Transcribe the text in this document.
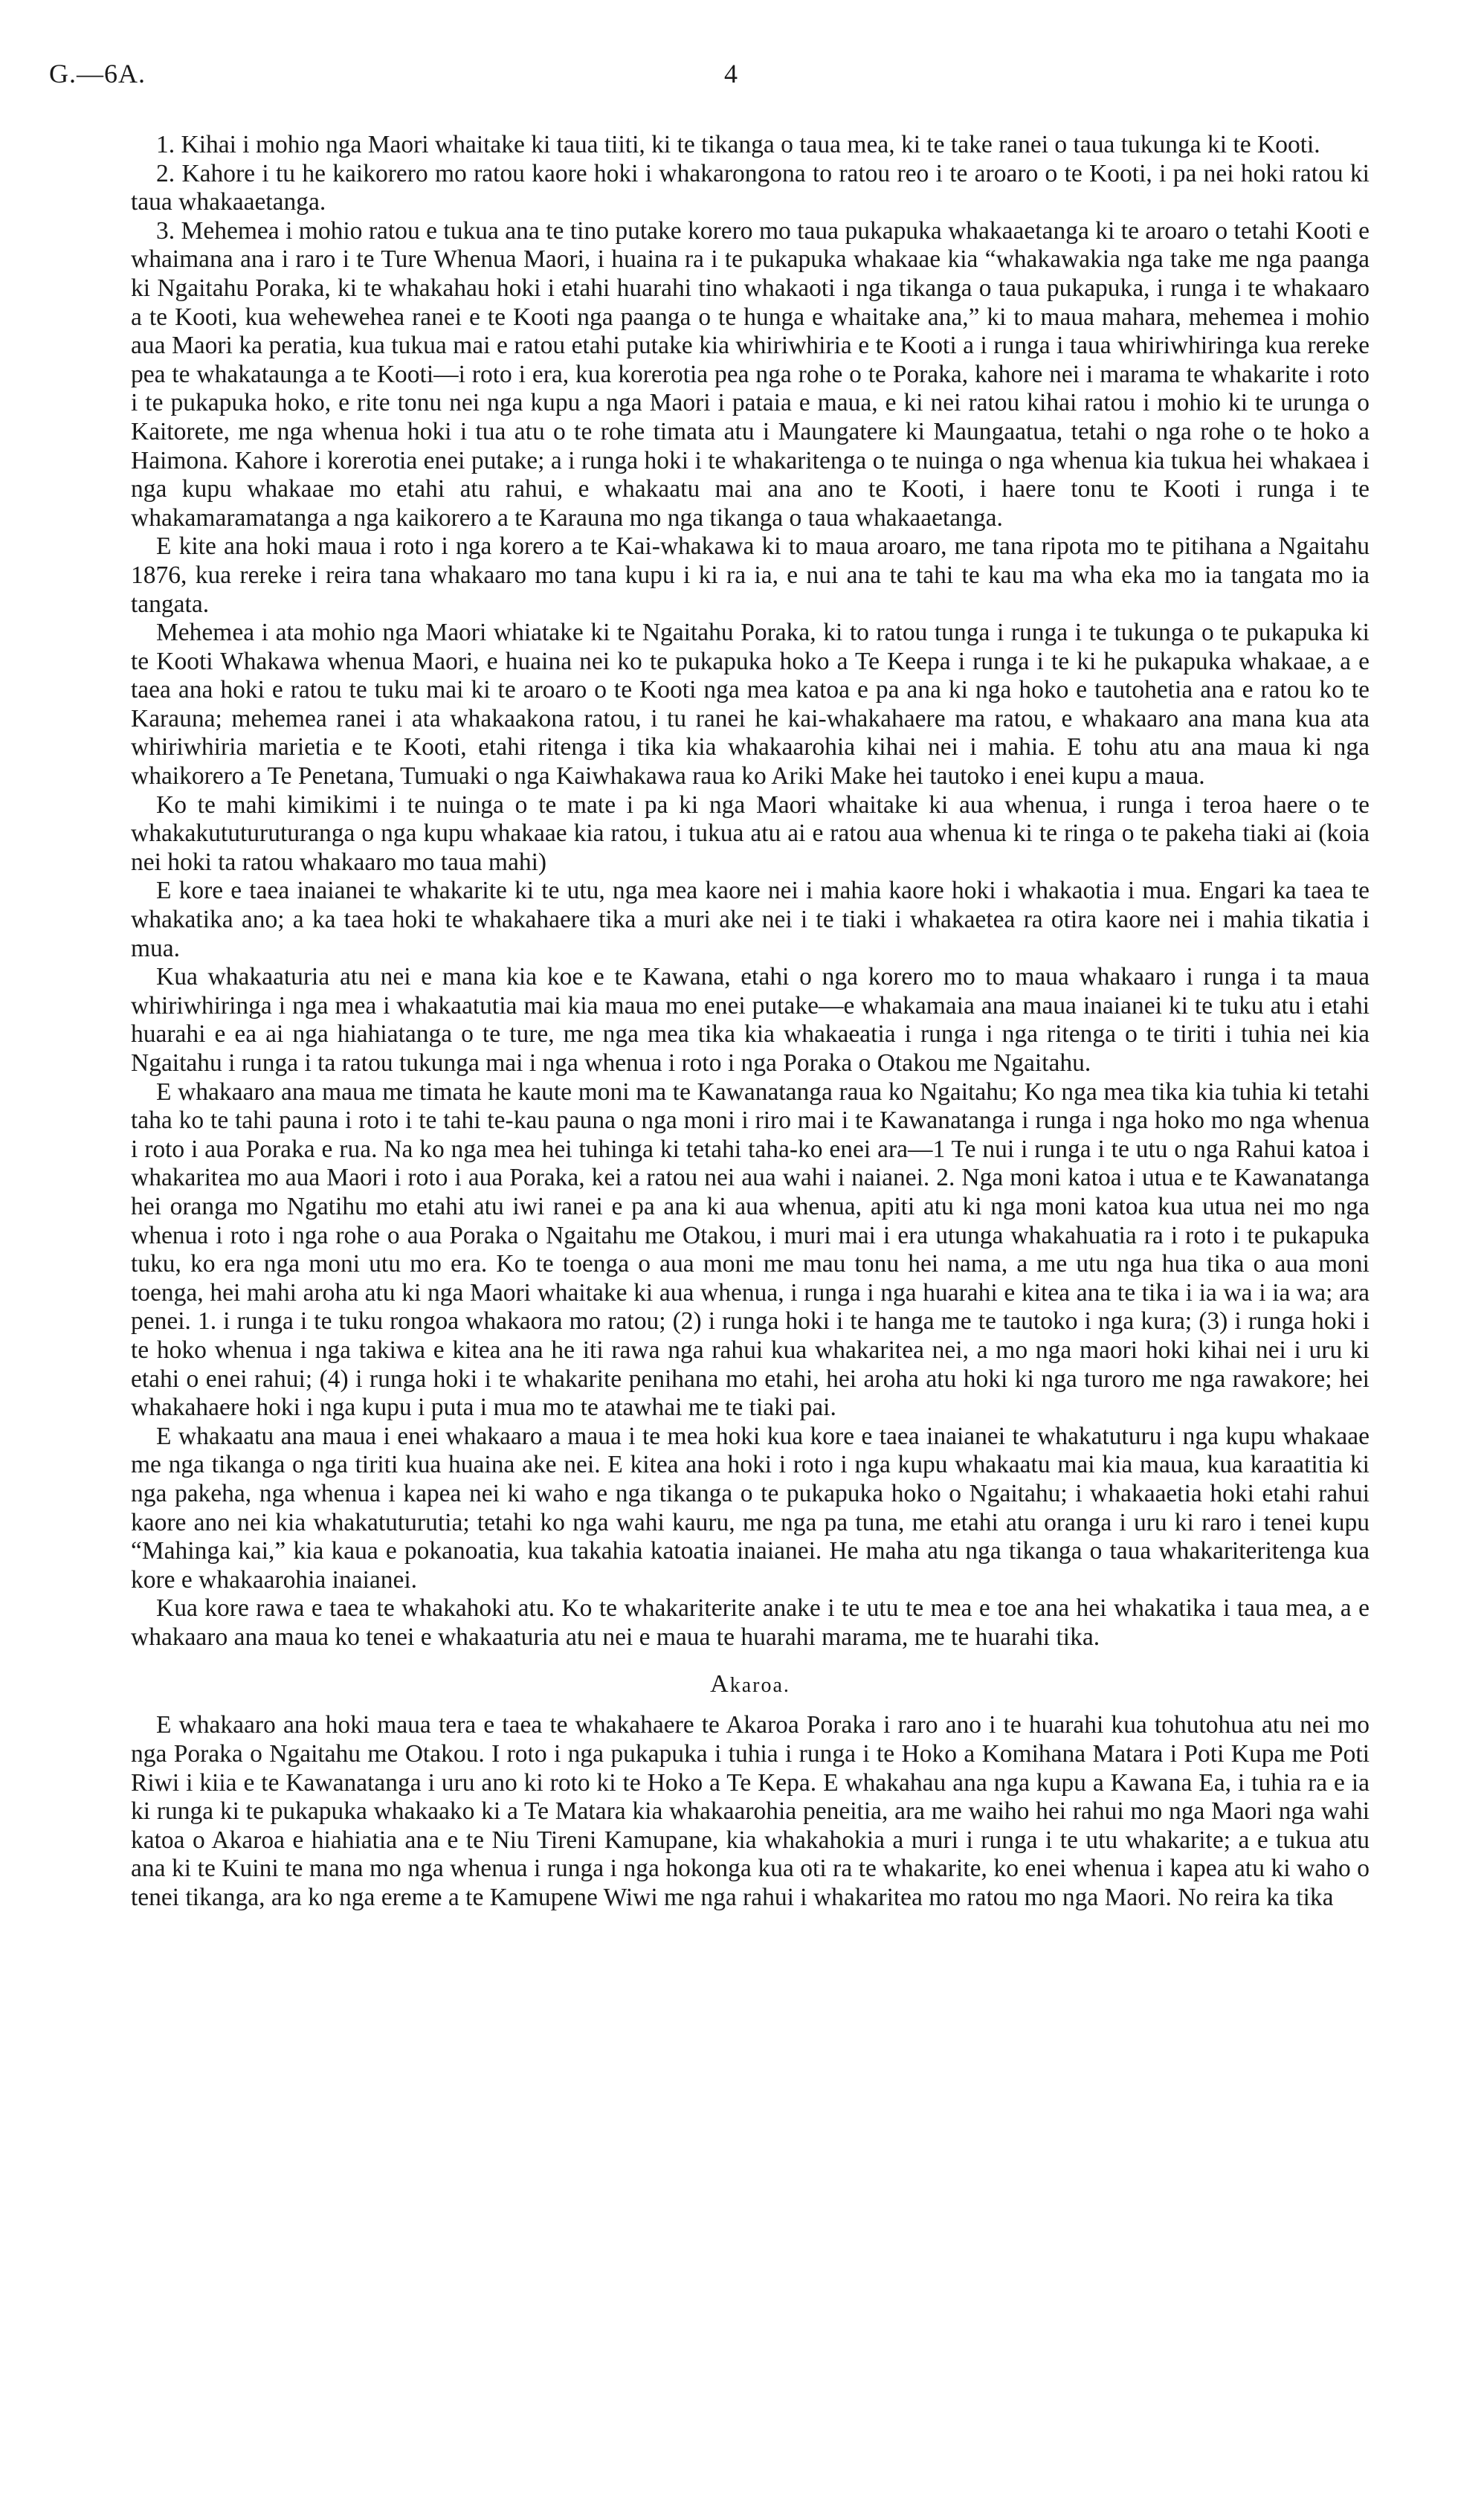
G.—6A.	4

1. Kihai i mohio nga Maori whaitake ki taua tiiti, ki te tikanga o taua mea, ki te take ranei o taua tukunga ki te Kooti.

2. Kahore i tu he kaikorero mo ratou kaore hoki i whakarongona to ratou reo i te aroaro o te Kooti, i pa nei hoki ratou ki taua whakaaetanga.

3. Mehemea i mohio ratou e tukua ana te tino putake korero mo taua pukapuka whakaaetanga ki te aroaro o tetahi Kooti e whaimana ana i raro i te Ture Whenua Maori, i huaina ra i te pukapuka whakaae kia “whakawakia nga take me nga paanga ki Ngaitahu Poraka, ki te whakahau hoki i etahi huarahi tino whakaoti i nga tikanga o taua pukapuka, i runga i te whakaaro a te Kooti, kua wehewehea ranei e te Kooti nga paanga o te hunga e whaitake ana,” ki to maua mahara, mehemea i mohio aua Maori ka peratia, kua tukua mai e ratou etahi putake kia whiriwhiria e te Kooti a i runga i taua whiriwhiringa kua rereke pea te whakataunga a te Kooti—i roto i era, kua korerotia pea nga rohe o te Poraka, kahore nei i marama te whakarite i roto i te pukapuka hoko, e rite tonu nei nga kupu a nga Maori i pataia e maua, e ki nei ratou kihai ratou i mohio ki te urunga o Kaitorete, me nga whenua hoki i tua atu o te rohe timata atu i Maungatere ki Maungaatua, tetahi o nga rohe o te hoko a Haimona. Kahore i korerotia enei putake; a i runga hoki i te whakaritenga o te nuinga o nga whenua kia tukua hei whakaea i nga kupu whakaae mo etahi atu rahui, e whakaatu mai ana ano te Kooti, i haere tonu te Kooti i runga i te whakamaramatanga a nga kaikorero a te Karauna mo nga tikanga o taua whakaaetanga.

E kite ana hoki maua i roto i nga korero a te Kai-whakawa ki to maua aroaro, me tana ripota mo te pitihana a Ngaitahu 1876, kua rereke i reira tana whakaaro mo tana kupu i ki ra ia, e nui ana te tahi te kau ma wha eka mo ia tangata mo ia tangata.

Mehemea i ata mohio nga Maori whiatake ki te Ngaitahu Poraka, ki to ratou tunga i runga i te tukunga o te pukapuka ki te Kooti Whakawa whenua Maori, e huaina nei ko te pukapuka hoko a Te Keepa i runga i te ki he pukapuka whakaae, a e taea ana hoki e ratou te tuku mai ki te aroaro o te Kooti nga mea katoa e pa ana ki nga hoko e tautohetia ana e ratou ko te Karauna; mehemea ranei i ata whakaakona ratou, i tu ranei he kai-whakahaere ma ratou, e whakaaro ana mana kua ata whiriwhiria marietia e te Kooti, etahi ritenga i tika kia whakaarohia kihai nei i mahia. E tohu atu ana maua ki nga whaikorero a Te Penetana, Tumuaki o nga Kaiwhakawa raua ko Ariki Make hei tautoko i enei kupu a maua.

Ko te mahi kimikimi i te nuinga o te mate i pa ki nga Maori whaitake ki aua whenua, i runga i teroa haere o te whakakututuruturanga o nga kupu whakaae kia ratou, i tukua atu ai e ratou aua whenua ki te ringa o te pakeha tiaki ai (koia nei hoki ta ratou whakaaro mo taua mahi)

E kore e taea inaianei te whakarite ki te utu, nga mea kaore nei i mahia kaore hoki i whakaotia i mua. Engari ka taea te whakatika ano; a ka taea hoki te whakahaere tika a muri ake nei i te tiaki i whakaetea ra otira kaore nei i mahia tikatia i mua.

Kua whakaaturia atu nei e mana kia koe e te Kawana, etahi o nga korero mo to maua whakaaro i runga i ta maua whiriwhiringa i nga mea i whakaatutia mai kia maua mo enei putake—e whakamaia ana maua inaianei ki te tuku atu i etahi huarahi e ea ai nga hiahiatanga o te ture, me nga mea tika kia whakaeatia i runga i nga ritenga o te tiriti i tuhia nei kia Ngaitahu i runga i ta ratou tukunga mai i nga whenua i roto i nga Poraka o Otakou me Ngaitahu.

E whakaaro ana maua me timata he kaute moni ma te Kawanatanga raua ko Ngaitahu; Ko nga mea tika kia tuhia ki tetahi taha ko te tahi pauna i roto i te tahi te-kau pauna o nga moni i riro mai i te Kawanatanga i runga i nga hoko mo nga whenua i roto i aua Poraka e rua. Na ko nga mea hei tuhinga ki tetahi taha-ko enei ara—1 Te nui i runga i te utu o nga Rahui katoa i whakaritea mo aua Maori i roto i aua Poraka, kei a ratou nei aua wahi i naianei. 2. Nga moni katoa i utua e te Kawanatanga hei oranga mo Ngatihu mo etahi atu iwi ranei e pa ana ki aua whenua, apiti atu ki nga moni katoa kua utua nei mo nga whenua i roto i nga rohe o aua Poraka o Ngaitahu me Otakou, i muri mai i era utunga whakahuatia ra i roto i te pukapuka tuku, ko era nga moni utu mo era. Ko te toenga o aua moni me mau tonu hei nama, a me utu nga hua tika o aua moni toenga, hei mahi aroha atu ki nga Maori whaitake ki aua whenua, i runga i nga huarahi e kitea ana te tika i ia wa i ia wa; ara penei. 1. i runga i te tuku rongoa whakaora mo ratou; (2) i runga hoki i te hanga me te tautoko i nga kura; (3) i runga hoki i te hoko whenua i nga takiwa e kitea ana he iti rawa nga rahui kua whakaritea nei, a mo nga maori hoki kihai nei i uru ki etahi o enei rahui; (4) i runga hoki i te whakarite penihana mo etahi, hei aroha atu hoki ki nga turoro me nga rawakore; hei whakahaere hoki i nga kupu i puta i mua mo te atawhai me te tiaki pai.

E whakaatu ana maua i enei whakaaro a maua i te mea hoki kua kore e taea inaianei te whakatuturu i nga kupu whakaae me nga tikanga o nga tiriti kua huaina ake nei. E kitea ana hoki i roto i nga kupu whakaatu mai kia maua, kua karaatitia ki nga pakeha, nga whenua i kapea nei ki waho e nga tikanga o te pukapuka hoko o Ngaitahu; i whakaaetia hoki etahi rahui kaore ano nei kia whakatuturutia; tetahi ko nga wahi kauru, me nga pa tuna, me etahi atu oranga i uru ki raro i tenei kupu “Mahinga kai,” kia kaua e pokanoatia, kua takahia katoatia inaianei. He maha atu nga tikanga o taua whakariteritenga kua kore e whakaarohia inaianei.

Kua kore rawa e taea te whakahoki atu. Ko te whakariterite anake i te utu te mea e toe ana hei whakatika i taua mea, a e whakaaro ana maua ko tenei e whakaaturia atu nei e maua te huarahi marama, me te huarahi tika.

Akaroa.

E whakaaro ana hoki maua tera e taea te whakahaere te Akaroa Poraka i raro ano i te huarahi kua tohutohua atu nei mo nga Poraka o Ngaitahu me Otakou. I roto i nga pukapuka i tuhia i runga i te Hoko a Komihana Matara i Poti Kupa me Poti Riwi i kiia e te Kawanatanga i uru ano ki roto ki te Hoko a Te Kepa. E whakahau ana nga kupu a Kawana Ea, i tuhia ra e ia ki runga ki te pukapuka whakaako ki a Te Matara kia whakaarohia peneitia, ara me waiho hei rahui mo nga Maori nga wahi katoa o Akaroa e hiahiatia ana e te Niu Tireni Kamupane, kia whakahokia a muri i runga i te utu whakarite; a e tukua atu ana ki te Kuini te mana mo nga whenua i runga i nga hokonga kua oti ra te whakarite, ko enei whenua i kapea atu ki waho o tenei tikanga, ara ko nga ereme a te Kamupene Wiwi me nga rahui i whakaritea mo ratou mo nga Maori. No reira ka tika
